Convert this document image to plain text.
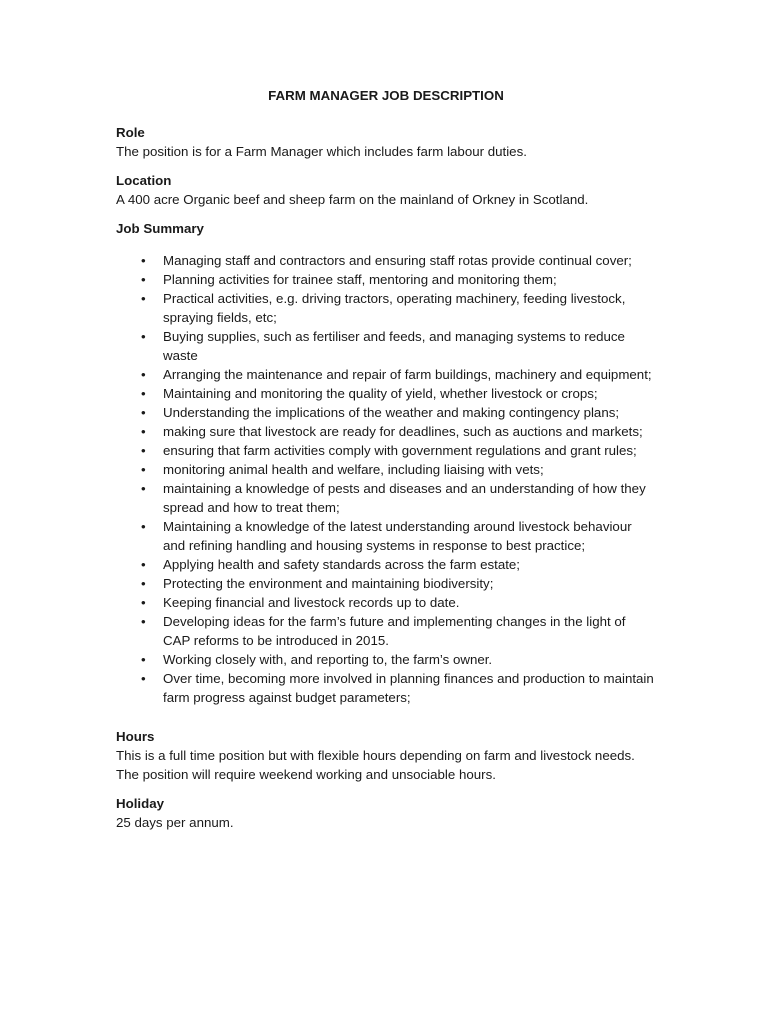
FARM MANAGER JOB DESCRIPTION
Role
The position is for a Farm Manager which includes farm labour duties.
Location
A 400 acre Organic beef and sheep farm on the mainland of Orkney in Scotland.
Job Summary
• Managing staff and contractors and ensuring staff rotas provide continual cover;
• Planning activities for trainee staff, mentoring and monitoring them;
• Practical activities, e.g. driving tractors, operating machinery, feeding livestock, spraying fields, etc;
• Buying supplies, such as fertiliser and feeds, and managing systems to reduce waste
• Arranging the maintenance and repair of farm buildings, machinery and equipment;
• Maintaining and monitoring the quality of yield, whether livestock or crops;
• Understanding the implications of the weather and making contingency plans;
• making sure that livestock are ready for deadlines, such as auctions and markets;
• ensuring that farm activities comply with government regulations and grant rules;
• monitoring animal health and welfare, including liaising with vets;
• maintaining a knowledge of pests and diseases and an understanding of how they spread and how to treat them;
• Maintaining a knowledge of the latest understanding around livestock behaviour and refining handling and housing systems in response to best practice;
• Applying health and safety standards across the farm estate;
• Protecting the environment and maintaining biodiversity;
• Keeping financial and livestock records up to date.
• Developing ideas for the farm’s future and implementing changes in the light of CAP reforms to be introduced in 2015.
• Working closely with, and reporting to, the farm’s owner.
• Over time, becoming more involved in planning finances and production to maintain farm progress against budget parameters;
Hours
This is a full time position but with flexible hours depending on farm and livestock needs. The position will require weekend working and unsociable hours.
Holiday
25 days per annum.
